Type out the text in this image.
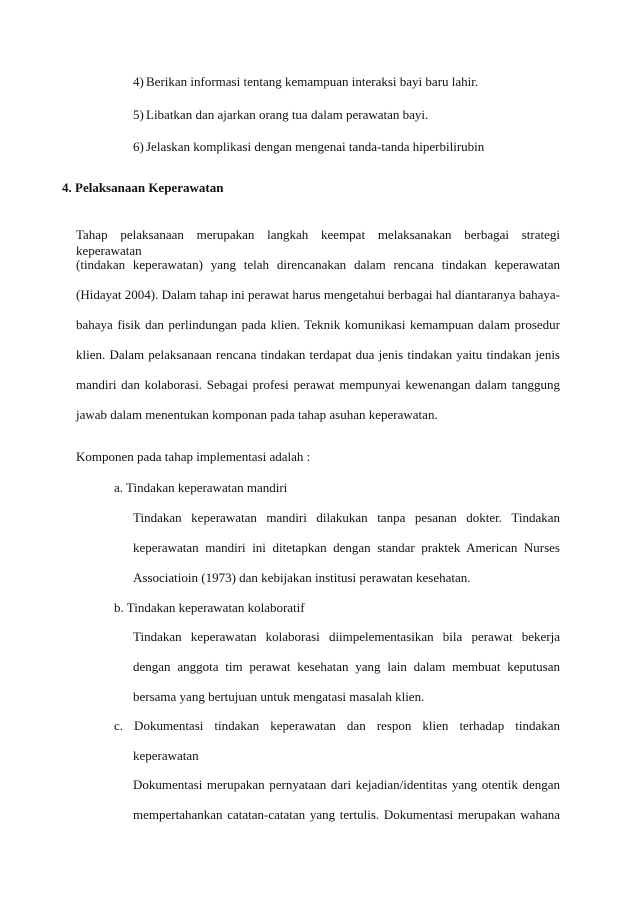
4) Berikan informasi tentang kemampuan interaksi bayi baru lahir.
5) Libatkan dan ajarkan orang tua dalam perawatan bayi.
6) Jelaskan komplikasi dengan mengenai tanda-tanda hiperbilirubin
4. Pelaksanaan Keperawatan
Tahap pelaksanaan merupakan langkah keempat melaksanakan berbagai strategi keperawatan
(tindakan keperawatan) yang telah direncanakan dalam rencana tindakan keperawatan
(Hidayat 2004). Dalam tahap ini perawat harus mengetahui berbagai hal diantaranya bahaya-
bahaya fisik dan perlindungan pada klien. Teknik komunikasi kemampuan dalam prosedur
klien. Dalam pelaksanaan rencana tindakan terdapat dua jenis tindakan yaitu tindakan jenis
mandiri dan kolaborasi. Sebagai profesi perawat mempunyai kewenangan dalam tanggung
jawab dalam menentukan komponan pada tahap asuhan keperawatan.
Komponen pada tahap implementasi adalah :
a. Tindakan keperawatan mandiri
Tindakan keperawatan mandiri dilakukan tanpa pesanan dokter. Tindakan
keperawatan mandiri ini ditetapkan dengan standar praktek American Nurses
Associatioin (1973) dan kebijakan institusi perawatan kesehatan.
b. Tindakan keperawatan kolaboratif
Tindakan keperawatan kolaborasi diimpelementasikan bila perawat bekerja
dengan anggota tim perawat kesehatan yang lain dalam membuat keputusan
bersama yang bertujuan untuk mengatasi masalah klien.
c. Dokumentasi tindakan keperawatan dan respon klien terhadap tindakan
keperawatan
Dokumentasi merupakan pernyataan dari kejadian/identitas yang otentik dengan
mempertahankan catatan-catatan yang tertulis. Dokumentasi merupakan wahana
